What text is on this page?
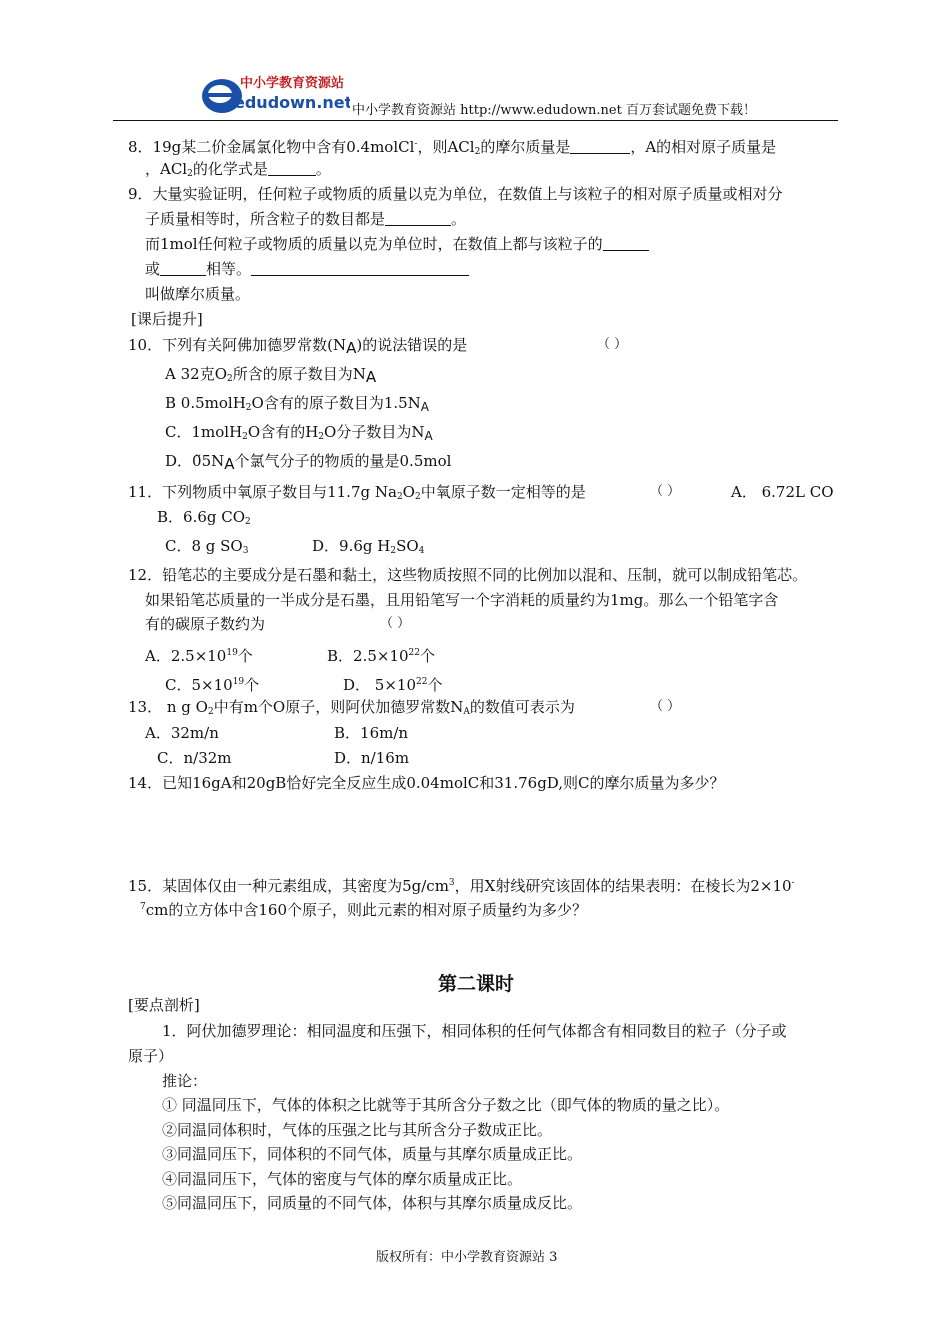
中小学教育资源站
edudown.net 中小学教育资源站 http://www.edudown.net 百万套试题免费下载！
8．19g某二价金属氯化物中含有0.4molCl-，则ACl$_2$的摩尔质量是	，A的相对原子质量是
，ACl$_2$的化学式是	。
9．大量实验证明，任何粒子或物质的质量以克为单位，在数值上与该粒子的相对原子质量或相对分
子质量相等时，所含粒子的数目都是	。
而1mol任何粒子或物质的质量以克为单位时，在数值上都与该粒子的
或	相等。
叫做摩尔质量。
[课后提升]
10．下列有关阿佛加德罗常数(NA)的说法错误的是	（ ）
A 32克$O_2$所含的原子数目为NA
B 0.5molH$_2$O含有的原子数目为$1.5N_A$
C．1molH$_2$O含有的$H_2O$分子数目为$N_A$
D．0̃5NA个氯气分子的物质的量是0.5mol
11．下列物质中氧原子数目与11.7g $Na_2O_2$中氧原子数一定相等的是	（ ）	A． 6.72L CO
B．6.6g $CO_2$
C．8 g $SO_3$	D．9.6g $H_2SO_4$
12．铅笔芯的主要成分是石墨和黏土，这些物质按照不同的比例加以混和、压制，就可以制成铅笔芯。
如果铅笔芯质量的一半成分是石墨，且用铅笔写一个字消耗的质量约为1mg。那么一个铅笔字含
有的碳原子数约为	（ ）
A．$2.5\times 10^{19}$个	B．$2.5\times 10^{22}$个
C．$5\times 10^{19}$个	D． $5\times 10^{22}$个
13． n g $O_2$中有m个O原子，则阿伏加德罗常数$N_A$的数值可表示为	（ ）
A．32m/n	B．16m/n
C．n/32m	D．n/16m
14．已知16gA和20gB恰好完全反应生成0.04molC和31.76gD,则C的摩尔质量为多少？
15．某固体仅由一种元素组成，其密度为$5g/cm^3$，用X射线研究该固体的结果表明：在棱长为2×10-
$^7$cm的立方体中含160个原子，则此元素的相对原子质量约为多少？
第二课时
[要点剖析]
1．阿伏加德罗理论：相同温度和压强下，相同体积的任何气体都含有相同数目的粒子（分子或
原子）
推论：
① 同温同压下，气体的体积之比就等于其所含分子数之比（即气体的物质的量之比）。
②同温同体积时，气体的压强之比与其所含分子数成正比。
③同温同压下，同体积的不同气体，质量与其摩尔质量成正比。
④同温同压下，气体的密度与气体的摩尔质量成正比。
⑤同温同压下，同质量的不同气体，体积与其摩尔质量成反比。
版权所有：中小学教育资源站 3
